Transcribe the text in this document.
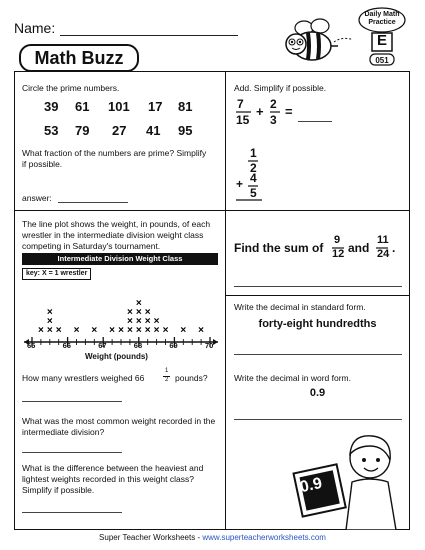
Name:
Math Buzz
Daily Math
Practice
E
051
Circle the prime numbers.
39 61 101 17 81
53 79 27 41 95
What fraction of the numbers are prime? Simplify if possible.
answer:
Add. Simplify if possible.
7
15
+ 2
3
=
1
2
+ 4
5
Find the sum of
9
12 and
11
24 .
The line plot shows the weight, in pounds, of each wrestler in the intermediate division weight class competing in Saturday's tournament.
Intermediate Division Weight Class
key: X = 1 wrestler
× ×
×
×
× × × × × ×
×
×
×
×
×
×
×
×
×
×
×
× × ×
65	66	67	68	69	70
Weight (pounds)
How many wrestlers weighed 66
1
2 pounds?
What was the most common weight recorded in the intermediate division?
What is the difference between the heaviest and lightest weights recorded in this weight class? Simplify if possible.
Write the decimal in standard form.
forty-eight hundredths
Write the decimal in word form.
0.9
0.9
Super Teacher Worksheets - www.superteacherworksheets.com
